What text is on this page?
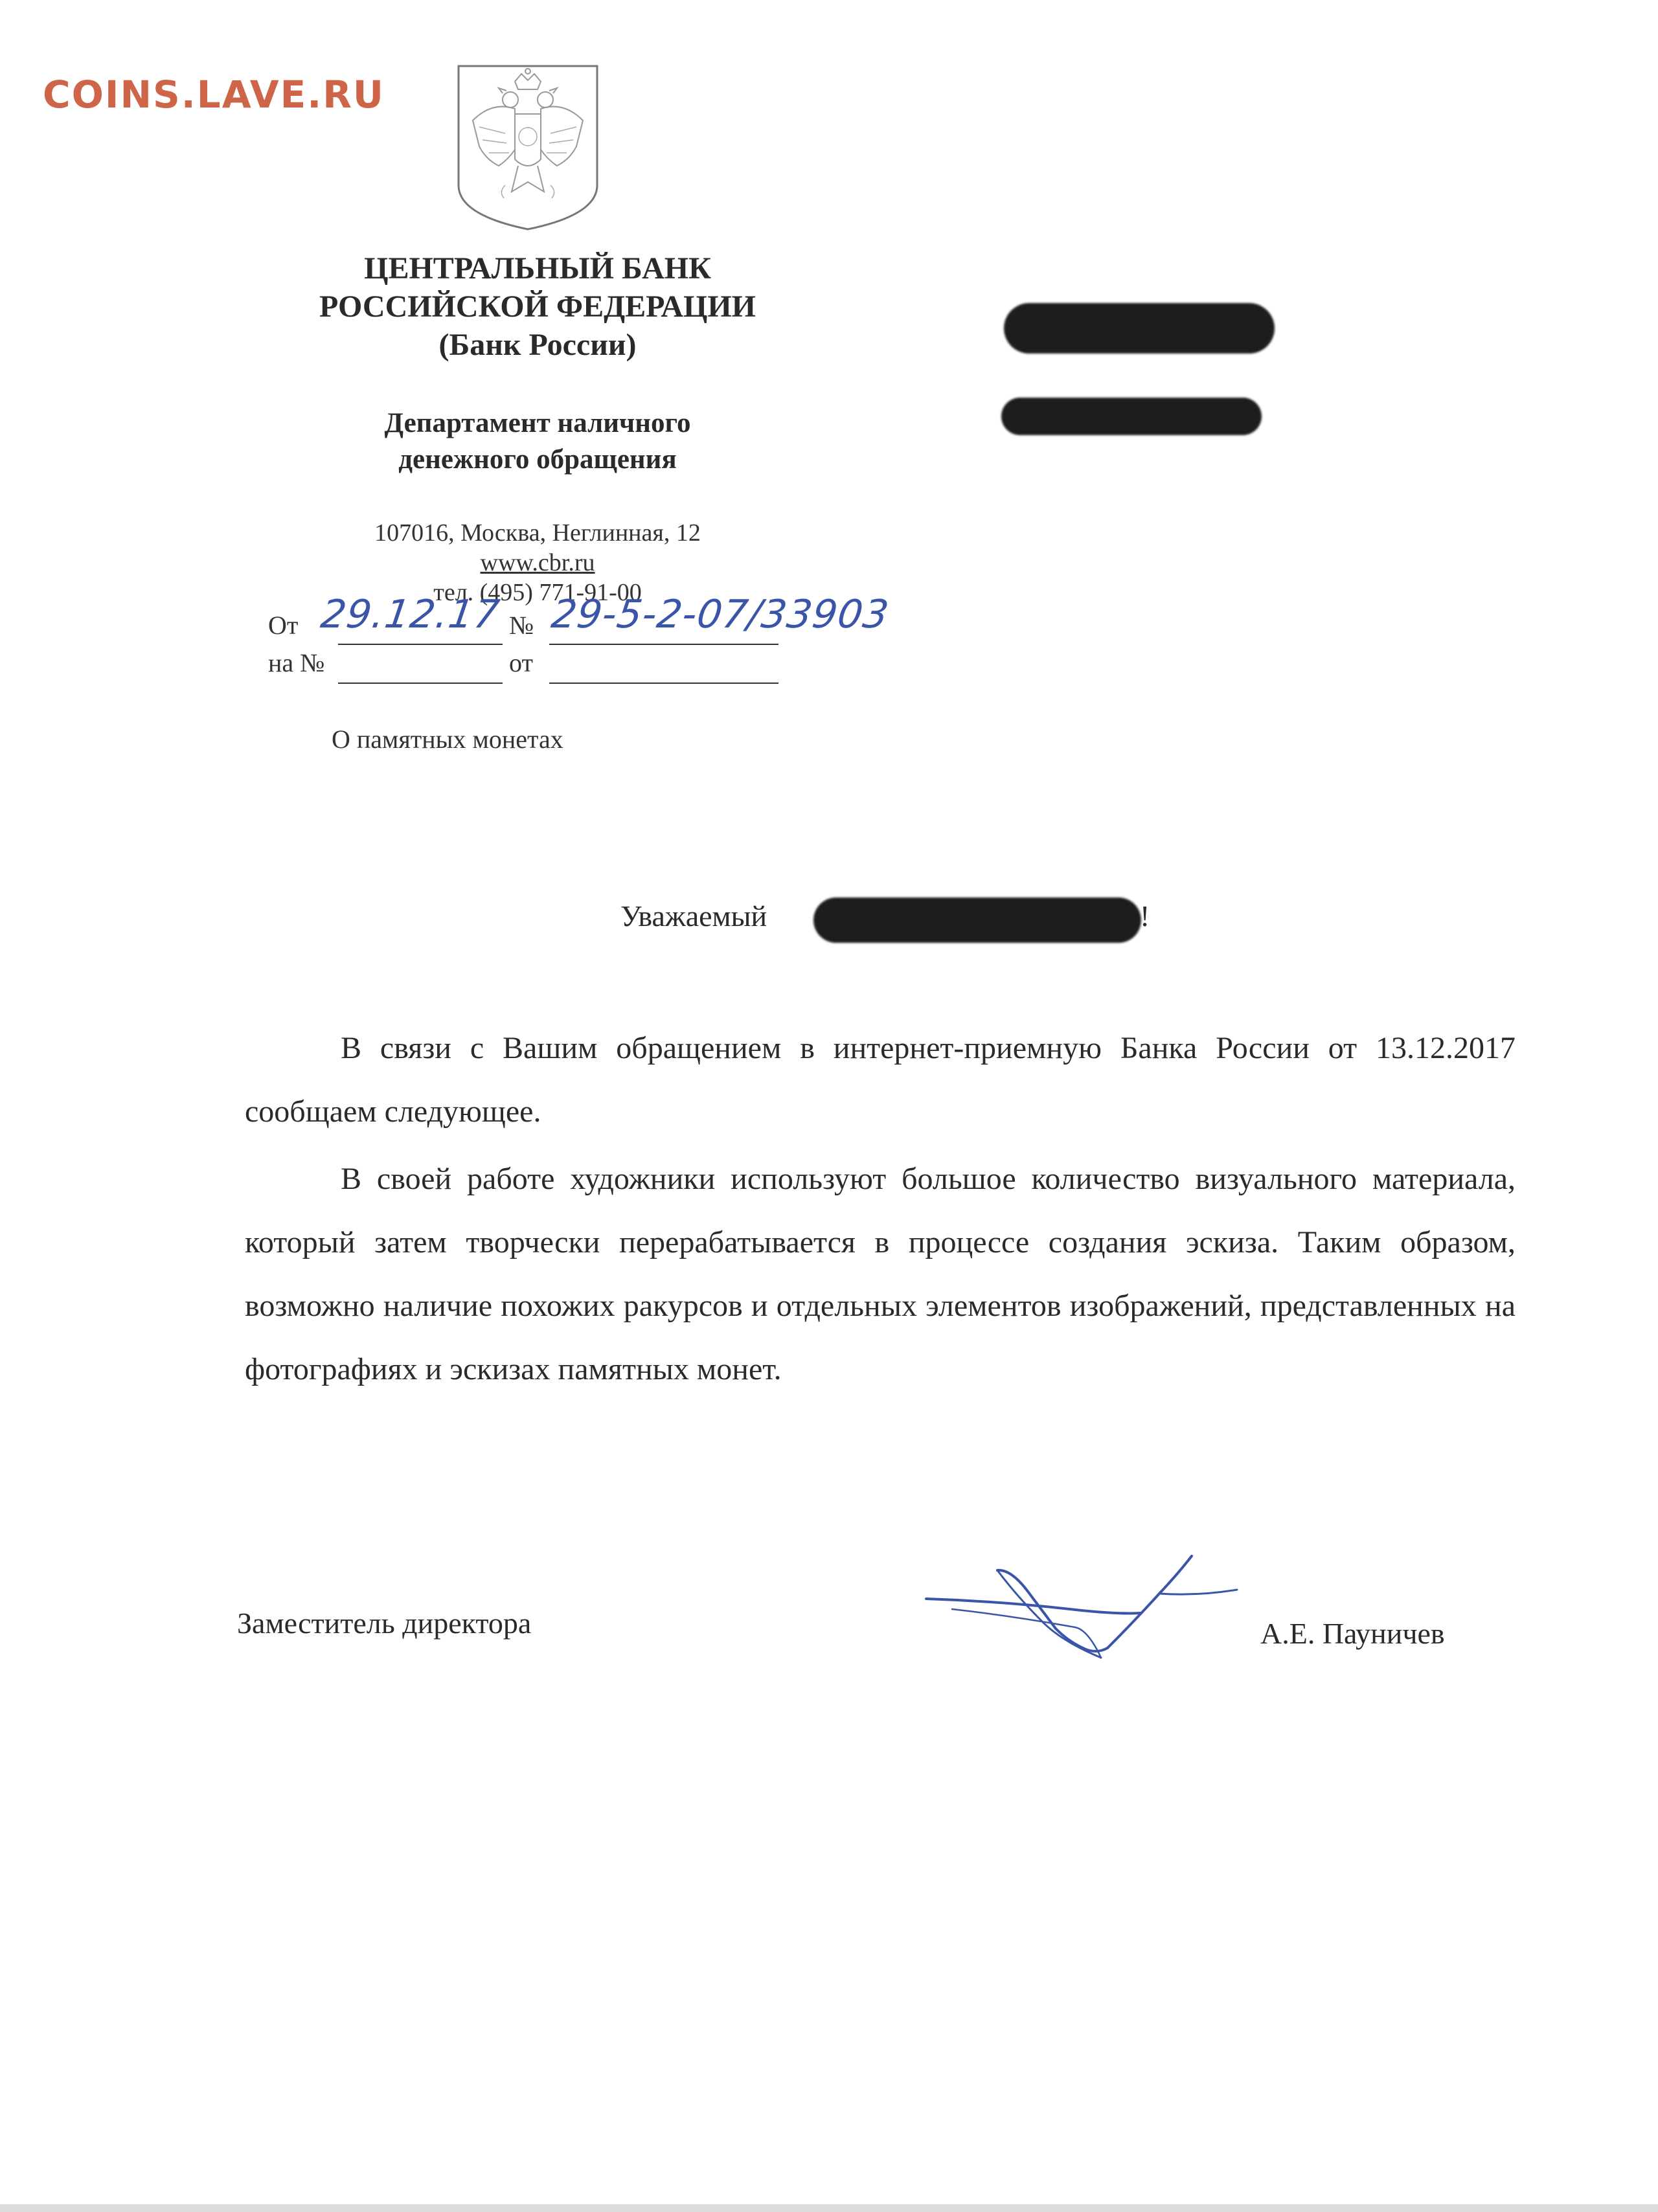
COINS.LAVE.RU
ЦЕНТРАЛЬНЫЙ БАНК
РОССИЙСКОЙ ФЕДЕРАЦИИ
(Банк России)
Департамент наличного
денежного обращения
107016, Москва, Неглинная, 12
www.cbr.ru
тел. (495) 771-91-00
От 29.12.17 № 29-5-2-07/33903
на №	от
О памятных монетах
Уважаемый	!
В связи с Вашим обращением в интернет-приемную Банка России от 13.12.2017 сообщаем следующее.
В своей работе художники используют большое количество визуального материала, который затем творчески перерабатывается в процессе создания эскиза. Таким образом, возможно наличие похожих ракурсов и отдельных элементов изображений, представленных на фотографиях и эскизах памятных монет.
Заместитель директора	А.Е. Пауничев
